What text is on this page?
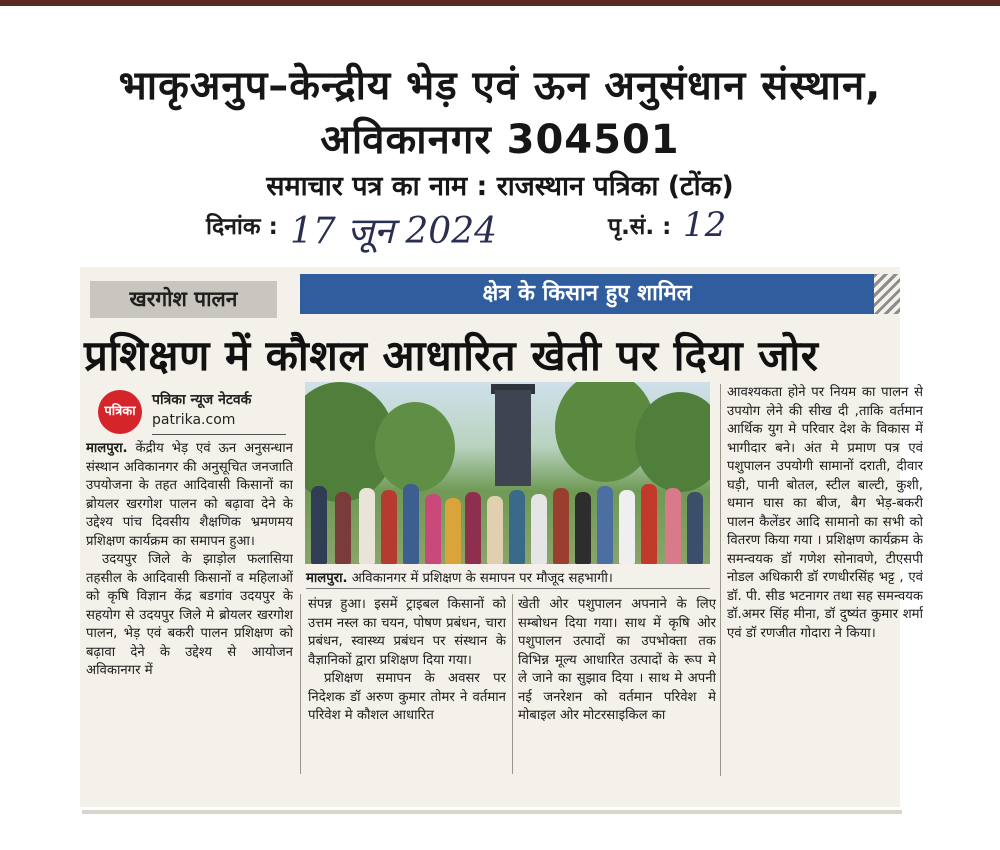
भाकृअनुप–केन्द्रीय भेड़ एवं ऊन अनुसंधान संस्थान,
अविकानगर 304501
समाचार पत्र का नाम : राजस्थान पत्रिका (टोंक)
दिनांक : 17 जून 2024	पृ.सं. : 12
खरगोश पालन	क्षेत्र के किसान हुए शामिल
प्रशिक्षण में कौशल आधारित खेती पर दिया जोर
पत्रिका
पत्रिका न्यूज नेटवर्क
patrika.com

मालपुरा. केंद्रीय भेड़ एवं ऊन अनुसन्धान संस्थान अविकानगर की अनुसूचित जनजाति उपयोजना के तहत आदिवासी किसानों का ब्रोयलर खरगोश पालन को बढ़ावा देने के उद्देश्य पांच दिवसीय शैक्षणिक भ्रमणमय प्रशिक्षण कार्यक्रम का समापन हुआ।

उदयपुर जिले के झाड़ोल फलासिया तहसील के आदिवासी किसानों व महिलाओं को कृषि विज्ञान केंद्र बडगांव उदयपुर के सहयोग से उदयपुर जिले मे ब्रोयलर खरगोश पालन, भेड़ एवं बकरी पालन प्रशिक्षण को बढ़ावा देने के उद्देश्य से आयोजन अविकानगर में

मालपुरा. अविकानगर में प्रशिक्षण के समापन पर मौजूद सहभागी।

संपन्न हुआ। इसमें ट्राइबल किसानों को उत्तम नस्ल का चयन, पोषण प्रबंधन, चारा प्रबंधन, स्वास्थ्य प्रबंधन पर संस्थान के वैज्ञानिकों द्वारा प्रशिक्षण दिया गया।

प्रशिक्षण समापन के अवसर पर निदेशक डॉ अरुण कुमार तोमर ने वर्तमान परिवेश मे कौशल आधारित

खेती ओर पशुपालन अपनाने के लिए सम्बोधन दिया गया। साथ में कृषि ओर पशुपालन उत्पादों का उपभोक्ता तक विभिन्न मूल्य आधारित उत्पादों के रूप मे ले जाने का सुझाव दिया । साथ मे अपनी नई जनरेशन को वर्तमान परिवेश मे मोबाइल ओर मोटरसाइकिल का

आवश्यकता होने पर नियम का पालन से उपयोग लेने की सीख दी ,ताकि वर्तमान आर्थिक युग मे परिवार देश के विकास में भागीदार बने। अंत मे प्रमाण पत्र एवं पशुपालन उपयोगी सामानों दराती, दीवार घड़ी, पानी बोतल, स्टील बाल्टी, कुशी, धमान घास का बीज, बैग भेड़-बकरी पालन कैलेंडर आदि सामानो का सभी को वितरण किया गया । प्रशिक्षण कार्यक्रम के समन्वयक डॉ गणेश सोनावणे, टीएसपी नोडल अधिकारी डॉ रणधीरसिंह भट्ट , एवं डॉ. पी. सीड भटनागर तथा सह समन्वयक डॉ.अमर सिंह मीना, डॉ दुष्यंत कुमार शर्मा एवं डॉ रणजीत गोदारा ने किया।
